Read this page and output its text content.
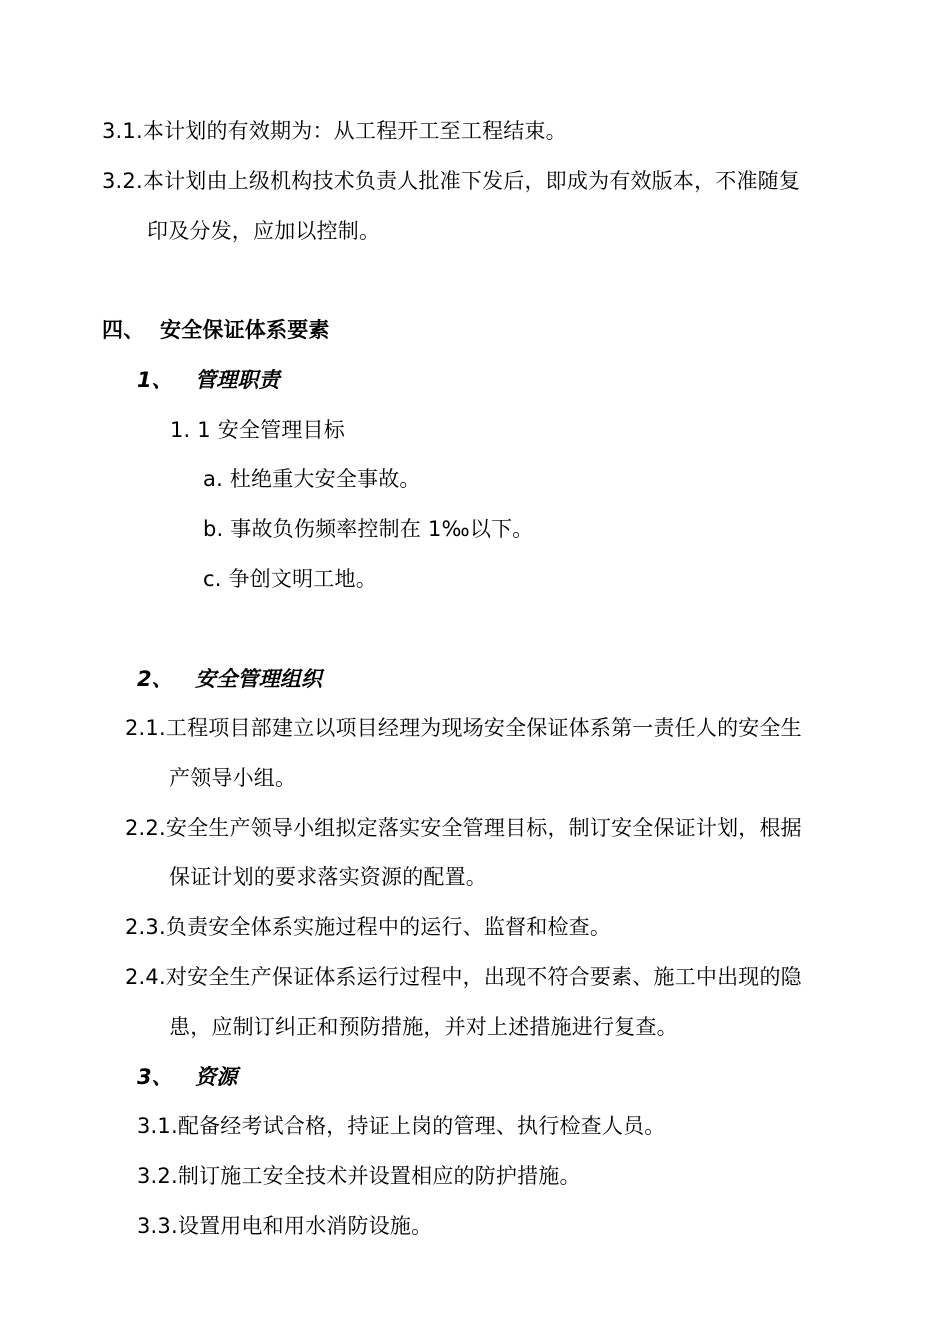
3.1.本计划的有效期为：从工程开工至工程结束。
3.2.本计划由上级机构技术负责人批准下发后，即成为有效版本，不准随复
印及分发，应加以控制。
四、 安全保证体系要素
1、 管理职责
1. 1 安全管理目标
a. 杜绝重大安全事故。
b. 事故负伤频率控制在 1‰以下。
c. 争创文明工地。
2、 安全管理组织
2.1.工程项目部建立以项目经理为现场安全保证体系第一责任人的安全生
产领导小组。
2.2.安全生产领导小组拟定落实安全管理目标，制订安全保证计划，根据
保证计划的要求落实资源的配置。
2.3.负责安全体系实施过程中的运行、监督和检查。
2.4.对安全生产保证体系运行过程中，出现不符合要素、施工中出现的隐
患，应制订纠正和预防措施，并对上述措施进行复查。
3、 资源
3.1.配备经考试合格，持证上岗的管理、执行检查人员。
3.2.制订施工安全技术并设置相应的防护措施。
3.3.设置用电和用水消防设施。
